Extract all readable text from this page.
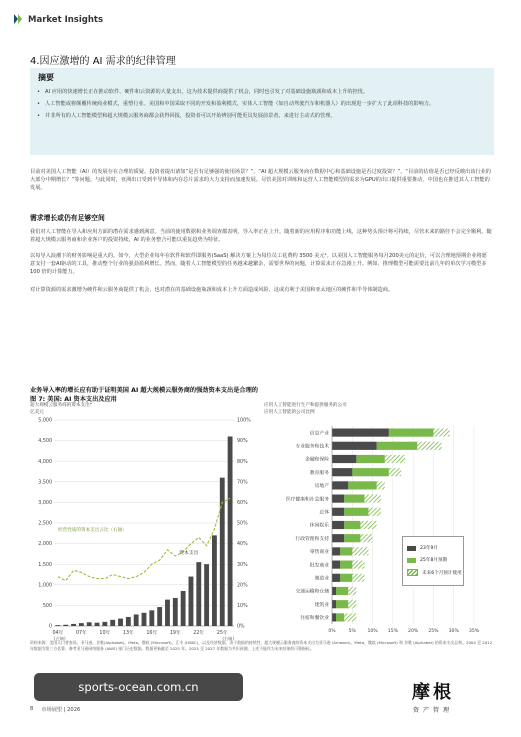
Market Insights
4.因应激增的 AI 需求的纪律管理
摘要
• AI 应用的快速增长正在推动软件、硬件和云资源的大量支出，这为技术提供商提供了机会，同时也引发了对基础设施瓶颈和成本上升的担忧。
• 人工智能或将颠覆传统商业模式，重塑行业。美国和中国采取不同的开发和盈利模式，实体人工智能（如自动驾驶汽车和机器人）的出现进一步扩大了此项科技的影响力。
• 并非所有的人工智能模型和超大规模云服务商都会获得回报，投资者可以开始辨别可能更具发展前景者，来进行主动式的管理。

目前对美国人工智能（AI）的发展存在合理的质疑。投资者提出诸如“是否有足够强的使用场景？”、“AI 超大规模云服务商在数据中心和基础设施是否过度投资？”、“目前的估值是否已经反映出该行业的大部分中期增长？”等问题。与此同时，亚洲出口受到半导体和内存芯片需求的大力支持而加速发展。尽管美国对训练和运营人工智能模型的需求为GPU的出口提供重要推动，中国也在推进其人工智能的发展。

需求增长或仍有足够空间

我们对人工智能在导入和应用方面的潜在需求感到满意。当前的使用数据和业务调查都表明，导入率正在上升。随着新的应用程序和功能上线，这种势头预计将可持续，尽管未来的路径不会完全顺利。随着超大规模云服务商和企业客户的投资持续，AI 的业务整合可能以重复趋势为特征。

以每导入浪潮下的财务影响是重大的。如今，大型企业每年在软件和软件即服务(SaaS) 解决方案上为每位员工花费约 3500 美元¹。以美国人工智能服务每月200美元的定价，可以合理地预期企业将愿意支付一套AI驱动的工具，推动整个行业的强劲盈利增长。然而，随着人工智能模型的任务越来越繁杂，需要世界的问题，计算需求正在急剧上升。例如，推理模型可能需要比前几年的单次学习模型多 100 倍的计算能力。

对计算资源的需求激增为硬件和云服务商提供了机会，也对潜在的基础设施瓶颈和成本上升方面造成风险，这或有利于美国和亚太地区的硬件和半导体制造商。

业务导入率的增长应有助于证明美国 AI 超大规模云服务商的强劲资本支出是合理的
图 7: 美国: AI 资本支出及应用
超大规模云服务商的资本支出*
亿美元
应用人工智能进行生产和提供服务的公司
应用人工智能的公司比例
0
500
1,000
1,500
2,000
2,500
3,000
3,500
4,000
4,500
5,000
0%
10%
20%
30%
40%
50%
60%
70%
80%
90%
100%
04年	07年	10年	13年	16年	19年	22年	25年
资本支出
经营性质的资本支出占比（右轴）
(左轴)	(右轴)
0%	5%	10% 15% 20% 25% 30% 35%
信息产业
专业服务和技术
金融和保险
教育服务
房地产
医疗健康和社会服务
总体
休闲娱乐
行政管理和支持
零售商业
批发商业
制造业
交通运输和仓储
建筑业
住宿和餐饮业
23年9月
25年8月预期
未来6个月预计使用
资料来源：美国人口普查局，亚马逊，谷歌(Alphabet)，Meta，微软 (Microsoft)，汇丰 (HSBC)，以及经济数据。由于数据的持续性，超大规模云服务商的资本支出为亚马逊 (Amazon)，Meta，微软 (Microsoft) 和 谷歌 (Alphabet) 的资本支出总和。2004 至 2012 年数据为第三方估算，参考亚马逊网络服务 (AWS) 部门历史数据。数据更新截至 2025 年。2025 至 2027 年数据为共识预测。上述不能作为未来结果的可靠指标。
sports-ocean.com.cn	摩根
资产管理
8 市场展望 | 2026
